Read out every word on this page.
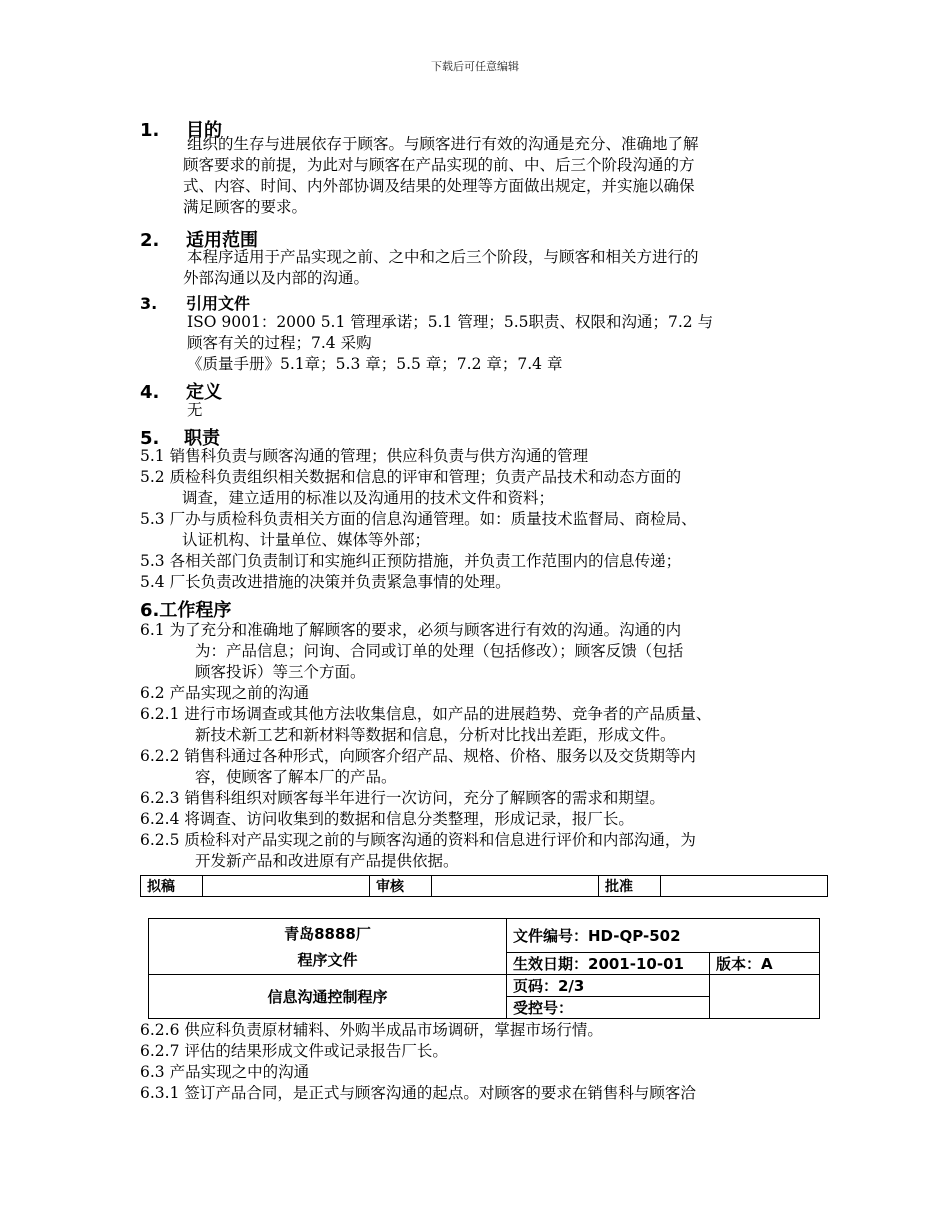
下载后可任意编辑
1. 目的
组织的生存与进展依存于顾客。与顾客进行有效的沟通是充分、准确地了解
顾客要求的前提，为此对与顾客在产品实现的前、中、后三个阶段沟通的方
式、内容、时间、内外部协调及结果的处理等方面做出规定，并实施以确保
满足顾客的要求。
2. 适用范围
本程序适用于产品实现之前、之中和之后三个阶段，与顾客和相关方进行的
外部沟通以及内部的沟通。
3. 引用文件
ISO 9001：2000 5.1 管理承诺；5.1 管理；5.5职责、权限和沟通；7.2 与
顾客有关的过程；7.4 采购
《质量手册》5.1章；5.3 章；5.5 章；7.2 章；7.4 章
4. 定义
无
5. 职责
5.1 销售科负责与顾客沟通的管理；供应科负责与供方沟通的管理
5.2 质检科负责组织相关数据和信息的评审和管理；负责产品技术和动态方面的
调查，建立适用的标准以及沟通用的技术文件和资料；
5.3 厂办与质检科负责相关方面的信息沟通管理。如：质量技术监督局、商检局、
认证机构、计量单位、媒体等外部；
5.3 各相关部门负责制订和实施纠正预防措施，并负责工作范围内的信息传递；
5.4 厂长负责改进措施的决策并负责紧急事情的处理。
6.工作程序
6.1 为了充分和准确地了解顾客的要求，必须与顾客进行有效的沟通。沟通的内
为：产品信息；问询、合同或订单的处理（包括修改）；顾客反馈（包括
顾客投诉）等三个方面。
6.2 产品实现之前的沟通
6.2.1 进行市场调查或其他方法收集信息，如产品的进展趋势、竞争者的产品质量、
新技术新工艺和新材料等数据和信息，分析对比找出差距，形成文件。
6.2.2 销售科通过各种形式，向顾客介绍产品、规格、价格、服务以及交货期等内
容，使顾客了解本厂的产品。
6.2.3 销售科组织对顾客每半年进行一次访问，充分了解顾客的需求和期望。
6.2.4 将调查、访问收集到的数据和信息分类整理，形成记录，报厂长。
6.2.5 质检科对产品实现之前的与顾客沟通的资料和信息进行评价和内部沟通，为
开发新产品和改进原有产品提供依据。
拟稿		审核		批准	
青岛8888厂
程序文件	文件编号：HD-QP-502	
	生效日期：2001-10-01	版本：A
信息沟通控制程序	页码：2/3	
	受控号：	
6.2.6 供应科负责原材辅料、外购半成品市场调研，掌握市场行情。
6.2.7 评估的结果形成文件或记录报告厂长。
6.3 产品实现之中的沟通
6.3.1 签订产品合同，是正式与顾客沟通的起点。对顾客的要求在销售科与顾客洽
